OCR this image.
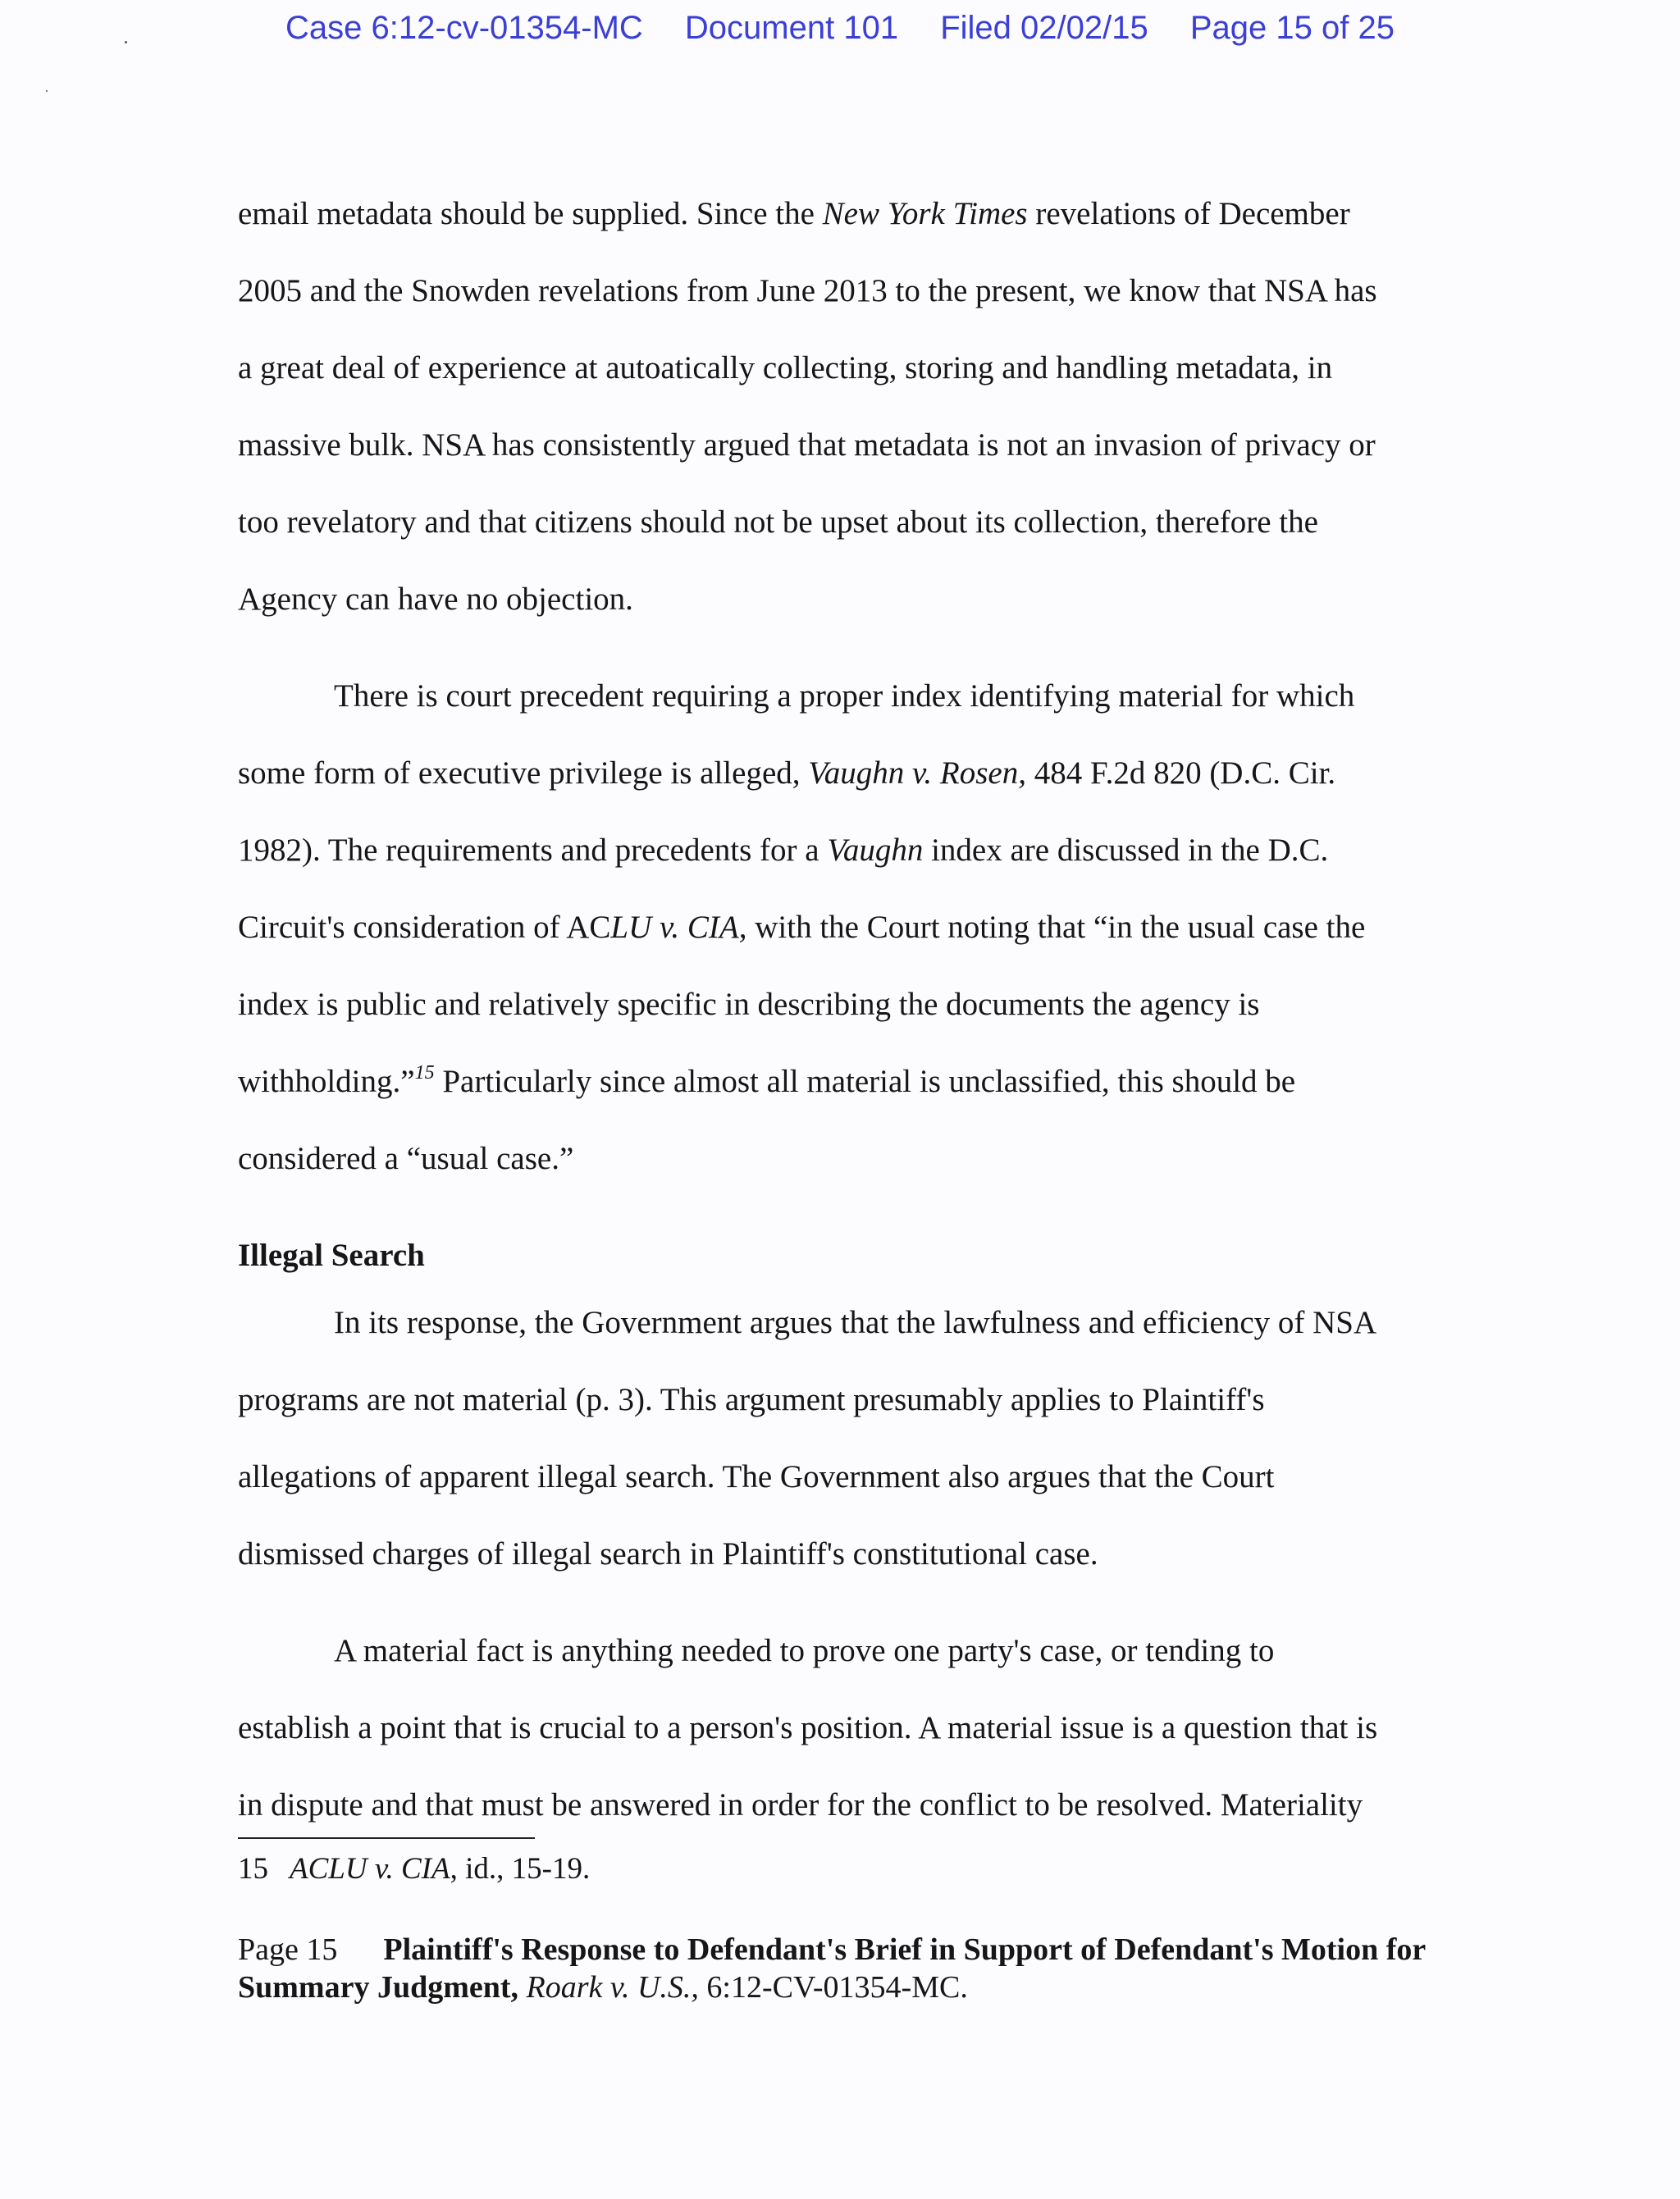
Case 6:12-cv-01354-MC Document 101 Filed 02/02/15 Page 15 of 25
email metadata should be supplied. Since the New York Times revelations of December
2005 and the Snowden revelations from June 2013 to the present, we know that NSA has
a great deal of experience at autoatically collecting, storing and handling metadata, in
massive bulk. NSA has consistently argued that metadata is not an invasion of privacy or
too revelatory and that citizens should not be upset about its collection, therefore the
Agency can have no objection.
There is court precedent requiring a proper index identifying material for which
some form of executive privilege is alleged, Vaughn v. Rosen, 484 F.2d 820 (D.C. Cir.
1982). The requirements and precedents for a Vaughn index are discussed in the D.C.
Circuit's consideration of ACLU v. CIA, with the Court noting that “in the usual case the
index is public and relatively specific in describing the documents the agency is
withholding.”$^{15}$ Particularly since almost all material is unclassified, this should be
considered a “usual case.”
Illegal Search
In its response, the Government argues that the lawfulness and efficiency of NSA
programs are not material (p. 3). This argument presumably applies to Plaintiff's
allegations of apparent illegal search. The Government also argues that the Court
dismissed charges of illegal search in Plaintiff's constitutional case.
A material fact is anything needed to prove one party's case, or tending to
establish a point that is crucial to a person's position. A material issue is a question that is
in dispute and that must be answered in order for the conflict to be resolved. Materiality
15 ACLU v. CIA, id., 15-19.
Page 15 Plaintiff's Response to Defendant's Brief in Support of Defendant's Motion for Summary Judgment, Roark v. U.S., 6:12-CV-01354-MC.
